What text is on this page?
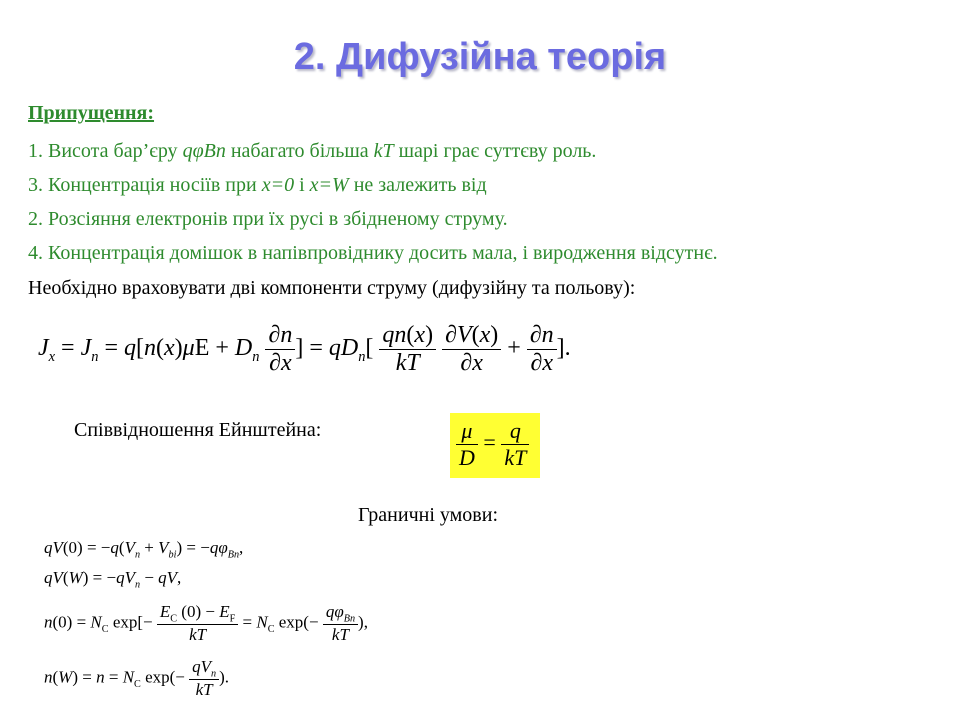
2. Дифузійна теорія
Припущення:
1. Висота бар’єру qφBn набагато більша kT шарі грає суттєву роль.
3. Концентрація носіїв при x=0 і x=W не залежить від
2. Розсіяння електронів при їх русі в збідненому струму.
4. Концентрація домішок в напівпровіднику досить мала, і виродження відсутнє.
Необхідно враховувати дві компоненти струму (дифузійну та польову):
$J_x = J_n = q[n(x)\mu E + D_n \frac{\partial n}{\partial x}$ ] = $qD_n[ \frac{qn(x)}{kT}$
$\frac{\partial V(x)}{\partial x} + \frac{\partial n}{\partial x}$ ].
Співвідношення Ейнштейна:	$\frac{\mu}{D} = \frac{q}{kT}$
Граничні умови:
$qV(0) = -q(V_n + V_{bi}) = -q\varphi_{Bn}$,
$qV(W) = -qV_n$ − qV,
$n(0) = N_C$ $\exp[- \frac{E_C (0) - E_F}{kT} = N_C$ $\exp(- \frac{q\varphi_{Bn}}{kT}$ ),
$n(W) = n = N_C$ $\exp(- \frac{qV_n}{kT}$ ).
